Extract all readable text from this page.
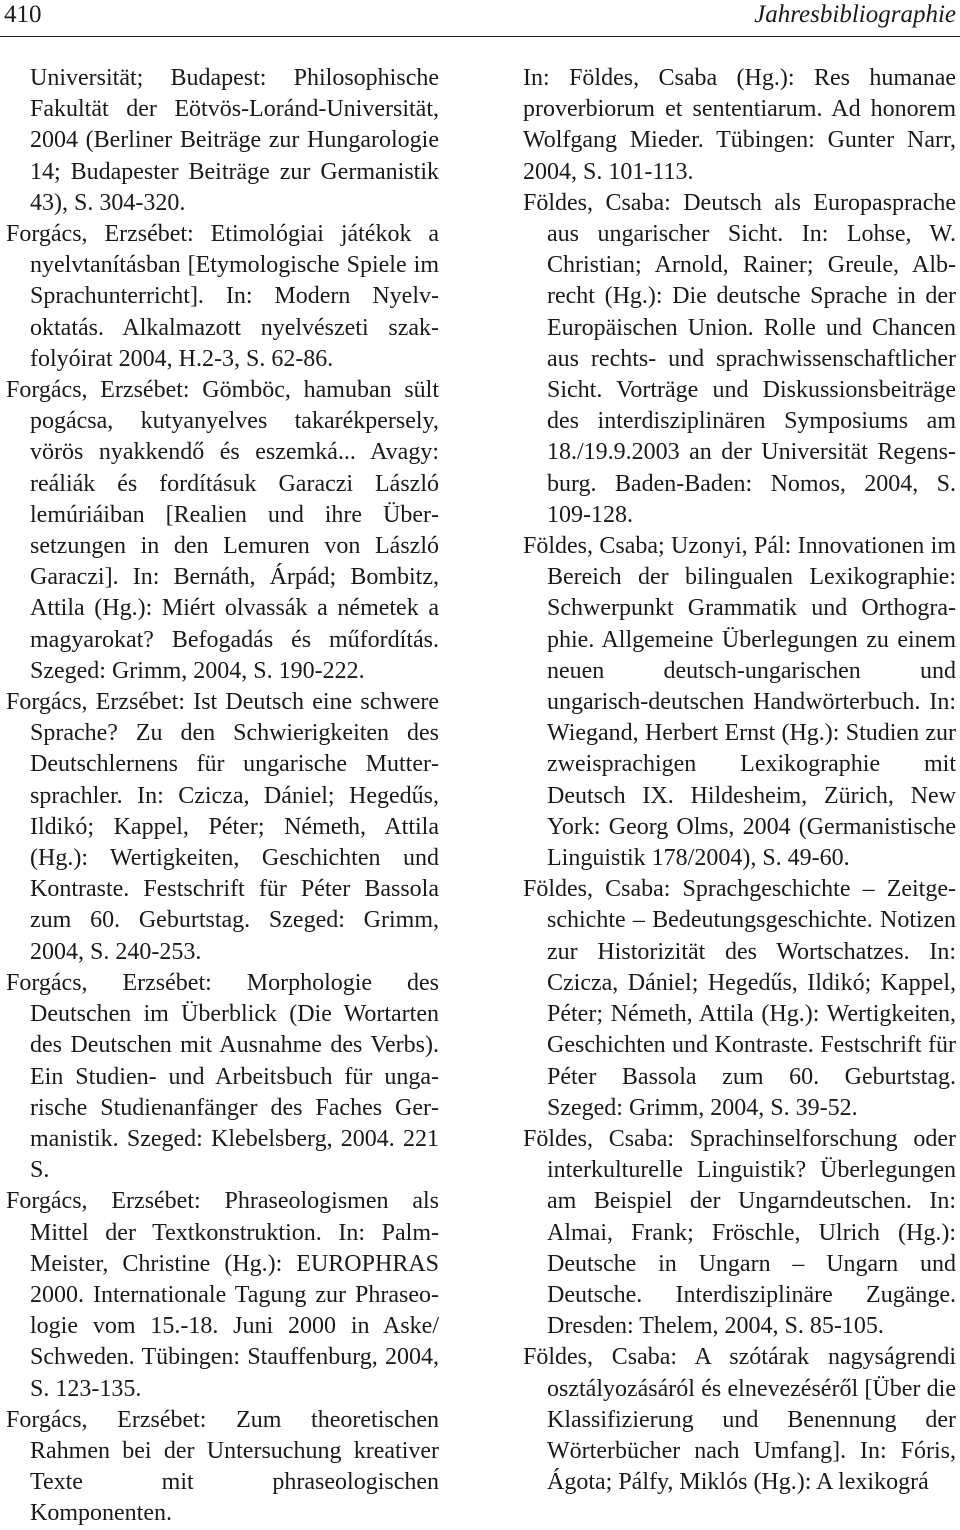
410	Jahresbibliographie

Universität; Budapest: Philosophische Fakultät der Eötvös-Loránd-Universität, 2004 (Berliner Beiträge zur Hungarologie 14; Budapester Beiträge zur Germanistik 43), S. 304-320.

Forgács, Erzsébet: Etimológiai játékok a nyelvtanításban [Etymologische Spiele im Sprachunterricht]. In: Modern Nyelvoktatás. Alkalmazott nyelvészeti szakfolyóirat 2004, H.2-3, S. 62-86.

Forgács, Erzsébet: Gömböc, hamuban sült pogácsa, kutyanyelves takarékpersely, vörös nyakkendő és eszemká... Avagy: reáliák és fordításuk Garaczi László lemúriáiban [Realien und ihre Übersetzungen in den Lemuren von László Garaczi]. In: Bernáth, Árpád; Bombitz, Attila (Hg.): Miért olvassák a németek a magyarokat? Befogadás és műfordítás. Szeged: Grimm, 2004, S. 190-222.

Forgács, Erzsébet: Ist Deutsch eine schwere Sprache? Zu den Schwierigkeiten des Deutschlernens für ungarische Muttersprachler. In: Czicza, Dániel; Hegedűs, Ildikó; Kappel, Péter; Németh, Attila (Hg.): Wertigkeiten, Geschichten und Kontraste. Festschrift für Péter Bassola zum 60. Geburtstag. Szeged: Grimm, 2004, S. 240-253.

Forgács, Erzsébet: Morphologie des Deutschen im Überblick (Die Wortarten des Deutschen mit Ausnahme des Verbs). Ein Studien- und Arbeitsbuch für ungarische Studienanfänger des Faches Germanistik. Szeged: Klebelsberg, 2004. 221 S.

Forgács, Erzsébet: Phraseologismen als Mittel der Textkonstruktion. In: Palm-Meister, Christine (Hg.): EUROPHRAS 2000. Internationale Tagung zur Phraseologie vom 15.-18. Juni 2000 in Aske/ Schweden. Tübingen: Stauffenburg, 2004, S. 123-135.

Forgács, Erzsébet: Zum theoretischen Rahmen bei der Untersuchung kreativer Texte mit phraseologischen Komponenten.

In: Földes, Csaba (Hg.): Res humanae proverbiorum et sententiarum. Ad honorem Wolfgang Mieder. Tübingen: Gunter Narr, 2004, S. 101-113.

Földes, Csaba: Deutsch als Europasprache aus ungarischer Sicht. In: Lohse, W. Christian; Arnold, Rainer; Greule, Albrecht (Hg.): Die deutsche Sprache in der Europäischen Union. Rolle und Chancen aus rechts- und sprachwissenschaftlicher Sicht. Vorträge und Diskussionsbeiträge des interdisziplinären Symposiums am 18./19.9.2003 an der Universität Regensburg. Baden-Baden: Nomos, 2004, S. 109-128.

Földes, Csaba; Uzonyi, Pál: Innovationen im Bereich der bilingualen Lexikographie: Schwerpunkt Grammatik und Orthographie. Allgemeine Überlegungen zu einem neuen deutsch-ungarischen und ungarisch-deutschen Handwörterbuch. In: Wiegand, Herbert Ernst (Hg.): Studien zur zweisprachigen Lexikographie mit Deutsch IX. Hildesheim, Zürich, New York: Georg Olms, 2004 (Germanistische Linguistik 178/2004), S. 49-60.

Földes, Csaba: Sprachgeschichte – Zeitgeschichte – Bedeutungsgeschichte. Notizen zur Historizität des Wortschatzes. In: Czicza, Dániel; Hegedűs, Ildikó; Kappel, Péter; Németh, Attila (Hg.): Wertigkeiten, Geschichten und Kontraste. Festschrift für Péter Bassola zum 60. Geburtstag. Szeged: Grimm, 2004, S. 39-52.

Földes, Csaba: Sprachinselforschung oder interkulturelle Linguistik? Überlegungen am Beispiel der Ungarndeutschen. In: Almai, Frank; Fröschle, Ulrich (Hg.): Deutsche in Ungarn – Ungarn und Deutsche. Interdisziplinäre Zugänge. Dresden: Thelem, 2004, S. 85-105.

Földes, Csaba: A szótárak nagyságrendi osztályozásáról és elnevezéséről [Über die Klassifizierung und Benennung der Wörterbücher nach Umfang]. In: Fóris, Ágota; Pálfy, Miklós (Hg.): A lexikográ
